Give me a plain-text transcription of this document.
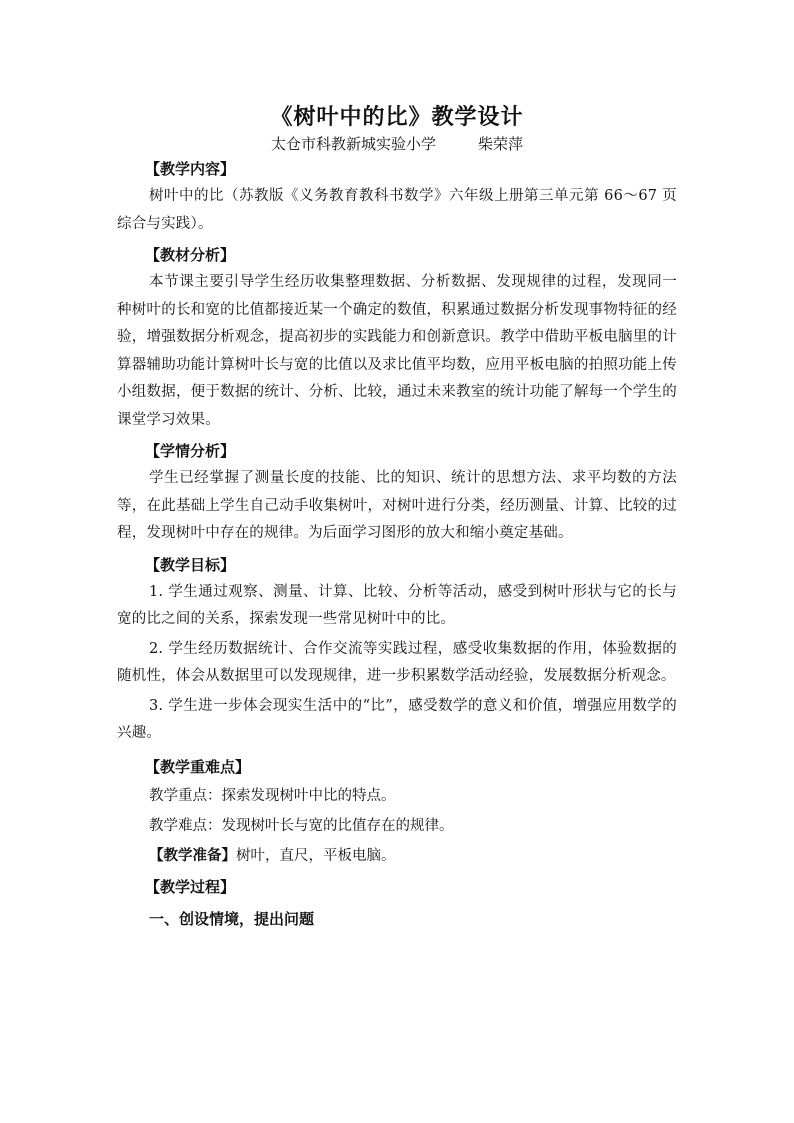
《树叶中的比》教学设计

太仓市科教新城实验小学	柴荣萍

【教学内容】

树叶中的比（苏教版《义务教育教科书数学》六年级上册第三单元第 66～67 页综合与实践）。

【教材分析】

本节课主要引导学生经历收集整理数据、分析数据、发现规律的过程，发现同一种树叶的长和宽的比值都接近某一个确定的数值，积累通过数据分析发现事物特征的经验，增强数据分析观念，提高初步的实践能力和创新意识。教学中借助平板电脑里的计算器辅助功能计算树叶长与宽的比值以及求比值平均数，应用平板电脑的拍照功能上传小组数据，便于数据的统计、分析、比较，通过未来教室的统计功能了解每一个学生的课堂学习效果。

【学情分析】

学生已经掌握了测量长度的技能、比的知识、统计的思想方法、求平均数的方法等，在此基础上学生自己动手收集树叶，对树叶进行分类，经历测量、计算、比较的过程，发现树叶中存在的规律。为后面学习图形的放大和缩小奠定基础。

【教学目标】

1. 学生通过观察、测量、计算、比较、分析等活动，感受到树叶形状与它的长与宽的比之间的关系，探索发现一些常见树叶中的比。

2. 学生经历数据统计、合作交流等实践过程，感受收集数据的作用，体验数据的随机性，体会从数据里可以发现规律，进一步积累数学活动经验，发展数据分析观念。

3. 学生进一步体会现实生活中的“比”，感受数学的意义和价值，增强应用数学的兴趣。

【教学重难点】

教学重点：探索发现树叶中比的特点。

教学难点：发现树叶长与宽的比值存在的规律。

【教学准备】树叶，直尺，平板电脑。

【教学过程】

一、创设情境，提出问题
